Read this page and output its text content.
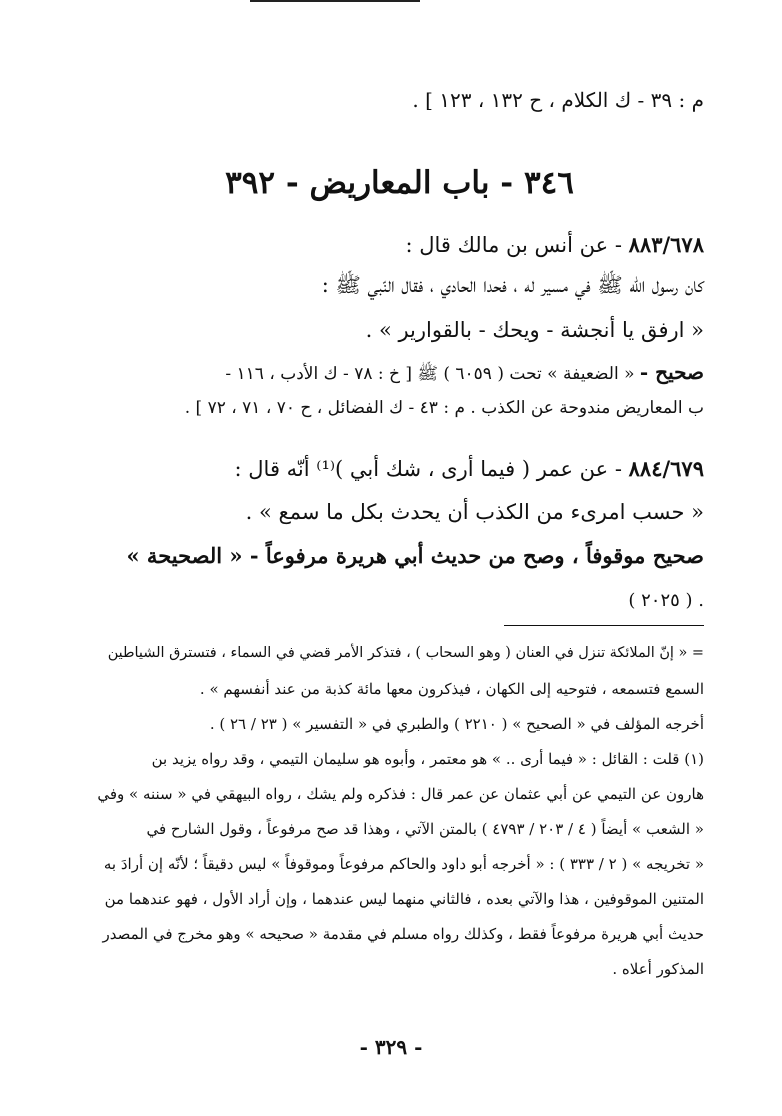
م : ٣٩ - ك الكلام ، ح ١٣٢ ، ١٢٣ ] .
٣٤٦ - باب المعاريض - ٣٩٢
٨٨٣/٦٧٨ - عن أنس بن مالك قال :
كان رسول الله ﷺ في مسير له ، فحدا الحادي ، فقال النّبي ﷺ :
« ارفق يا أنجشة - ويحك - بالقوارير » .
صحيح - « الضعيفة » تحت ( ٦٠٥٩ ) ﷺ [ خ : ٧٨ - ك الأدب ، ١١٦ -
ب المعاريض مندوحة عن الكذب . م : ٤٣ - ك الفضائل ، ح ٧٠ ، ٧١ ، ٧٢ ] .
٨٨٤/٦٧٩ - عن عمر ( فيما أرى ، شك أبي )⁽¹⁾ أنّه قال :
« حسب امرىء من الكذب أن يحدث بكل ما سمع » .
صحيح موقوفاً ، وصح من حديث أبي هريرة مرفوعاً - « الصحيحة »
. ( ٢٠٢٥ )
= « إنّ الملائكة تنزل في العنان ( وهو السحاب ) ، فتذكر الأمر قضي في السماء ، فتسترق الشياطين
السمع فتسمعه ، فتوحيه إلى الكهان ، فيذكرون معها مائة كذبة من عند أنفسهم » .
أخرجه المؤلف في « الصحيح » ( ٢٢١٠ ) والطبري في « التفسير » ( ٢٣ / ٢٦ ) .
(١) قلت : القائل : « فيما أرى .. » هو معتمر ، وأبوه هو سليمان التيمي ، وقد رواه يزيد بن
هارون عن التيمي عن أبي عثمان عن عمر قال : فذكره ولم يشك ، رواه البيهقي في « سننه » وفي
« الشعب » أيضاً ( ٤ / ٢٠٣ / ٤٧٩٣ ) بالمتن الآتي ، وهذا قد صح مرفوعاً ، وقول الشارح في
« تخريجه » ( ٢ / ٣٣٣ ) : « أخرجه أبو داود والحاكم مرفوعاً وموقوفاً » ليس دقيقاً ؛ لأنّه إن أرادَ به
المتنين الموقوفين ، هذا والآتي بعده ، فالثاني منهما ليس عندهما ، وإن أراد الأول ، فهو عندهما من
حديث أبي هريرة مرفوعاً فقط ، وكذلك رواه مسلم في مقدمة « صحيحه » وهو مخرج في المصدر
المذكور أعلاه .
- ٣٢٩ -
